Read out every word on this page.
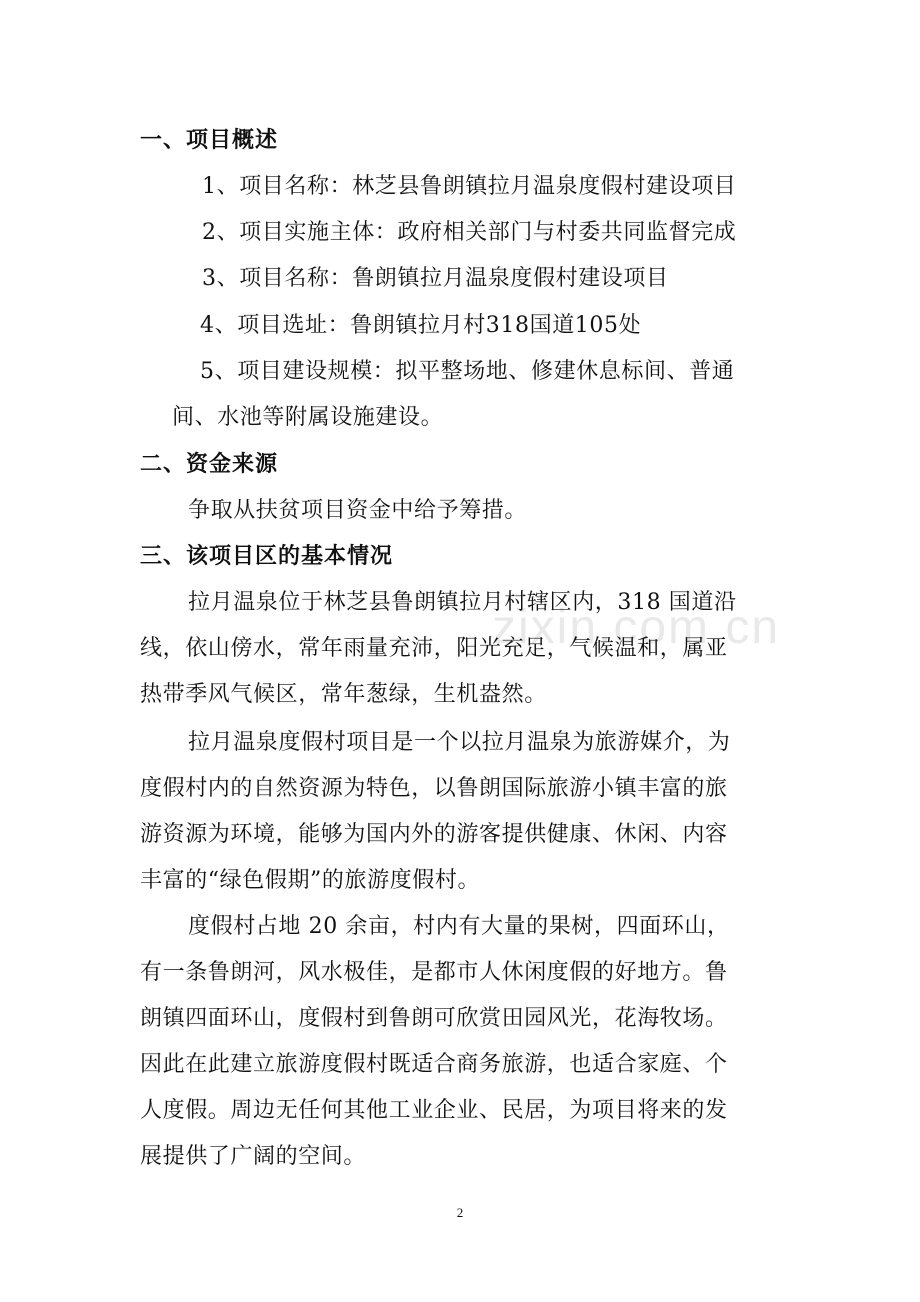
zixin.com.cn
一、项目概述
1、项目名称：林芝县鲁朗镇拉月温泉度假村建设项目
2、项目实施主体：政府相关部门与村委共同监督完成
3、项目名称：鲁朗镇拉月温泉度假村建设项目
4、项目选址：鲁朗镇拉月村318国道105处
5、项目建设规模：拟平整场地、修建休息标间、普通
间、水池等附属设施建设。
二、资金来源
争取从扶贫项目资金中给予筹措。
三、该项目区的基本情况
拉月温泉位于林芝县鲁朗镇拉月村辖区内，318 国道沿
线，依山傍水，常年雨量充沛，阳光充足，气候温和，属亚
热带季风气候区，常年葱绿，生机盎然。
拉月温泉度假村项目是一个以拉月温泉为旅游媒介，为
度假村内的自然资源为特色，以鲁朗国际旅游小镇丰富的旅
游资源为环境，能够为国内外的游客提供健康、休闲、内容
丰富的“绿色假期”的旅游度假村。
度假村占地 20 余亩，村内有大量的果树，四面环山，
有一条鲁朗河，风水极佳，是都市人休闲度假的好地方。鲁
朗镇四面环山，度假村到鲁朗可欣赏田园风光，花海牧场。
因此在此建立旅游度假村既适合商务旅游，也适合家庭、个
人度假。周边无任何其他工业企业、民居，为项目将来的发
展提供了广阔的空间。
2
